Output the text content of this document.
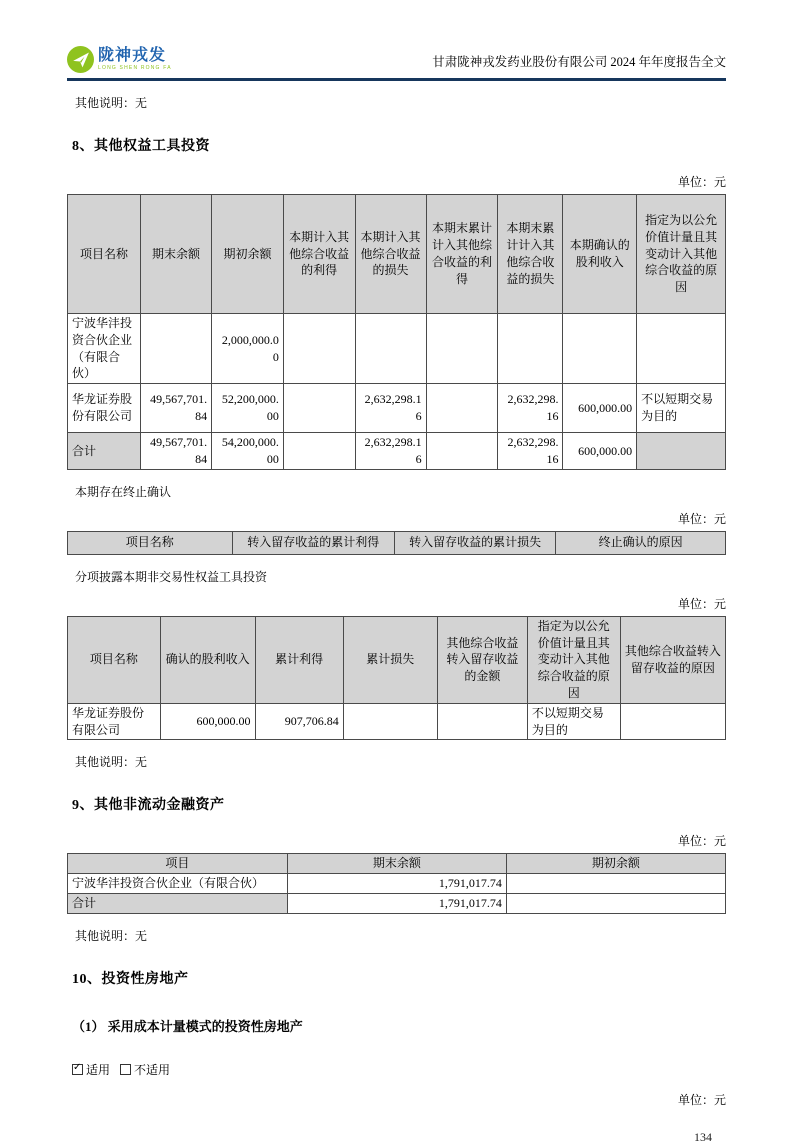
陇神戎发
LONG SHEN RONG FA	甘肃陇神戎发药业股份有限公司 2024 年年度报告全文
其他说明：无
8、其他权益工具投资
单位：元
项目名称	期末余额	期初余额	本期计入其他综合收益的利得	本期计入其他综合收益的损失	本期末累计计入其他综合收益的利得	本期末累计计入其他综合收益的损失	本期确认的股利收入	指定为以公允价值计量且其变动计入其他综合收益的原因
宁波华沣投资合伙企业（有限合伙）		2,000,000.00						
华龙证券股份有限公司	49,567,701.84	52,200,000.00		2,632,298.16		2,632,298.16	600,000.00	不以短期交易为目的
合计	49,567,701.84	54,200,000.00		2,632,298.16		2,632,298.16	600,000.00	
本期存在终止确认
单位：元
项目名称	转入留存收益的累计利得	转入留存收益的累计损失	终止确认的原因
分项披露本期非交易性权益工具投资
单位：元
项目名称	确认的股利收入	累计利得	累计损失	其他综合收益转入留存收益的金额	指定为以公允价值计量且其变动计入其他综合收益的原因	其他综合收益转入留存收益的原因
华龙证券股份有限公司	600,000.00	907,706.84			不以短期交易为目的	
其他说明：无
9、其他非流动金融资产
单位：元
项目	期末余额	期初余额
宁波华沣投资合伙企业（有限合伙）	1,791,017.74	
合计	1,791,017.74	
其他说明：无
10、投资性房地产
（1） 采用成本计量模式的投资性房地产
✓
适用 不适用
单位：元
134
